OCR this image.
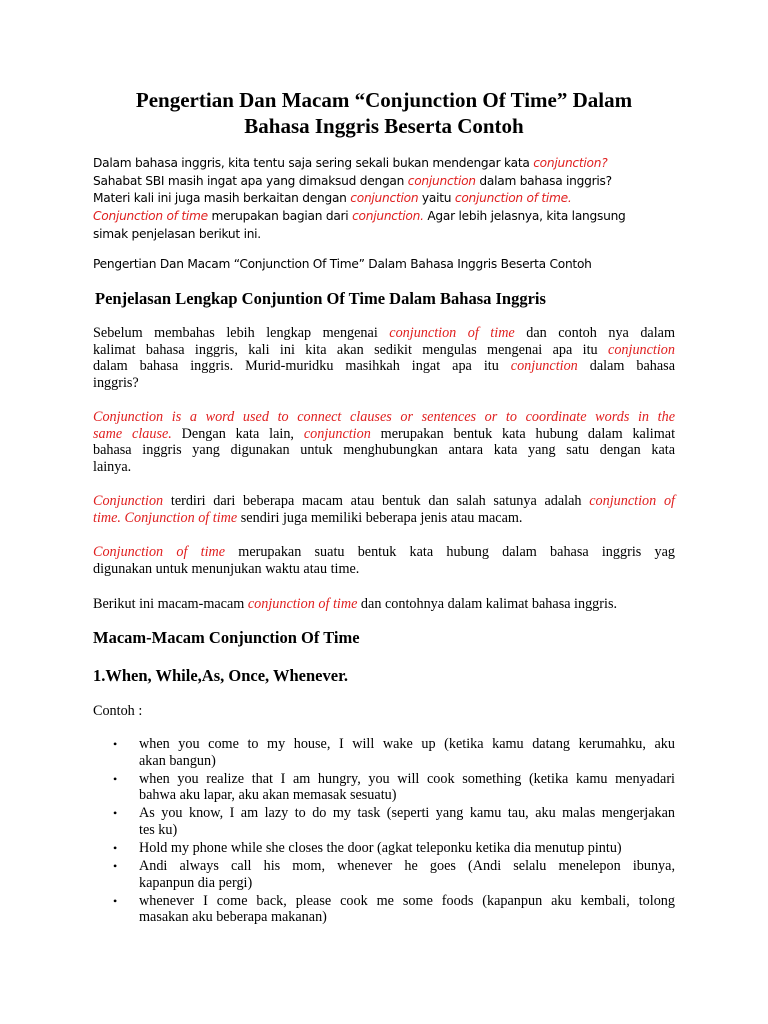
Pengertian Dan Macam “Conjunction Of Time” Dalam
Bahasa Inggris Beserta Contoh

Dalam bahasa inggris, kita tentu saja sering sekali bukan mendengar kata conjunction?
Sahabat SBI masih ingat apa yang dimaksud dengan conjunction dalam bahasa inggris?
Materi kali ini juga masih berkaitan dengan conjunction yaitu conjunction of time.
Conjunction of time merupakan bagian dari conjunction. Agar lebih jelasnya, kita langsung
simak penjelasan berikut ini.

Pengertian Dan Macam “Conjunction Of Time” Dalam Bahasa Inggris Beserta Contoh

Penjelasan Lengkap Conjuntion Of Time Dalam Bahasa Inggris

Sebelum membahas lebih lengkap mengenai conjunction of time dan contoh nya dalam
kalimat bahasa inggris, kali ini kita akan sedikit mengulas mengenai apa itu conjunction
dalam bahasa inggris. Murid-muridku masihkah ingat apa itu conjunction dalam bahasa
inggris?

Conjunction is a word used to connect clauses or sentences or to coordinate words in the
same clause. Dengan kata lain, conjunction merupakan bentuk kata hubung dalam kalimat
bahasa inggris yang digunakan untuk menghubungkan antara kata yang satu dengan kata
lainya.

Conjunction terdiri dari beberapa macam atau bentuk dan salah satunya adalah conjunction of
time. Conjunction of time sendiri juga memiliki beberapa jenis atau macam.

Conjunction of time merupakan suatu bentuk kata hubung dalam bahasa inggris yag
digunakan untuk menunjukan waktu atau time.

Berikut ini macam-macam conjunction of time dan contohnya dalam kalimat bahasa inggris.

Macam-Macam Conjunction Of Time
1.When, While,As, Once, Whenever.

Contoh :

• when you come to my house, I will wake up (ketika kamu datang kerumahku, aku
akan bangun)
• when you realize that I am hungry, you will cook something (ketika kamu menyadari
bahwa aku lapar, aku akan memasak sesuatu)
• As you know, I am lazy to do my task (seperti yang kamu tau, aku malas mengerjakan
tes ku)
• Hold my phone while she closes the door (agkat teleponku ketika dia menutup pintu)
• Andi always call his mom, whenever he goes (Andi selalu menelepon ibunya,
kapanpun dia pergi)
• whenever I come back, please cook me some foods (kapanpun aku kembali, tolong
masakan aku beberapa makanan)
